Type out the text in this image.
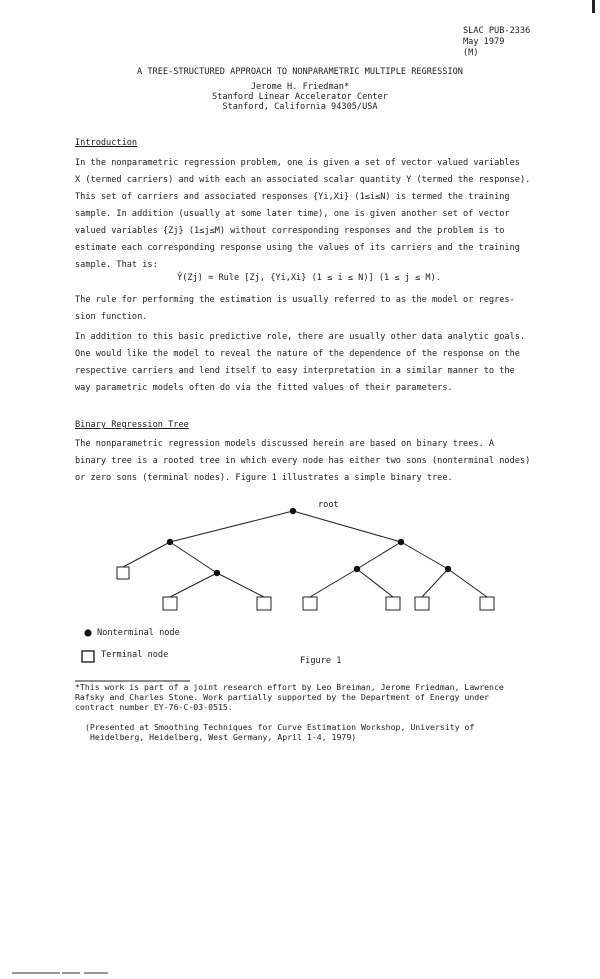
SLAC PUB-2336
May 1979
(M)
A TREE-STRUCTURED APPROACH TO NONPARAMETRIC MULTIPLE REGRESSION
Jerome H. Friedman*
Stanford Linear Accelerator Center
Stanford, California 94305/USA
Introduction
In the nonparametric regression problem, one is given a set of vector valued variables
X (termed carriers) and with each an associated scalar quantity Y (termed the response).
This set of carriers and associated responses {Yi,Xi} (1≤i≤N) is termed the training
sample. In addition (usually at some later time), one is given another set of vector
valued variables {Zj} (1≤j≤M) without corresponding responses and the problem is to
estimate each corresponding response using the values of its carriers and the training
sample. That is:
Ŷ(Zj) = Rule [Zj, {Yi,Xi} (1 ≤ i ≤ N)] (1 ≤ j ≤ M).
The rule for performing the estimation is usually referred to as the model or regres-
sion function.
In addition to this basic predictive role, there are usually other data analytic goals.
One would like the model to reveal the nature of the dependence of the response on the
respective carriers and lend itself to easy interpretation in a similar manner to the
way parametric models often do via the fitted values of their parameters.
Binary Regression Tree
The nonparametric regression models discussed herein are based on binary trees. A
binary tree is a rooted tree in which every node has either two sons (nonterminal nodes)
or zero sons (terminal nodes). Figure 1 illustrates a simple binary tree.
root
Nonterminal node
Terminal node
Figure 1
*This work is part of a joint research effort by Leo Breiman, Jerome Friedman, Lawrence
Rafsky and Charles Stone. Work partially supported by the Department of Energy under
contract number EY-76-C-03-0515.
(Presented at Smoothing Techniques for Curve Estimation Workshop, University of
Heidelberg, Heidelberg, West Germany, April 1-4, 1979)
